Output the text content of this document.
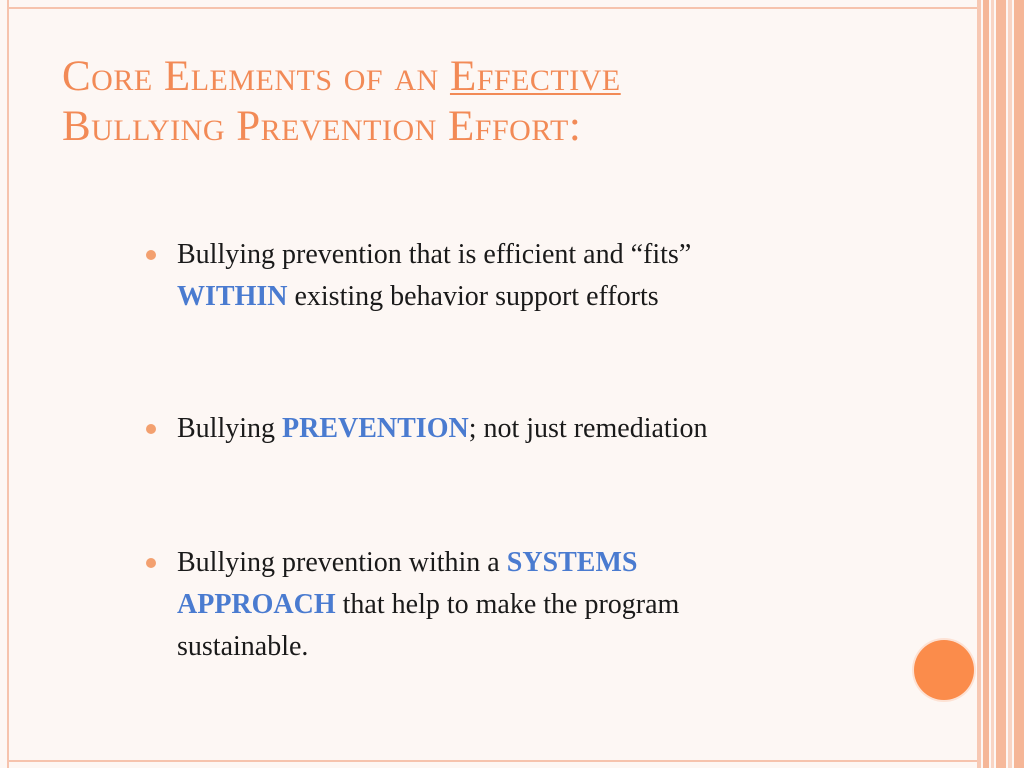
Core Elements of an Effective
Bullying Prevention Effort:
Bullying prevention that is efficient and “fits”
WITHIN existing behavior support efforts
Bullying PREVENTION; not just remediation
Bullying prevention within a SYSTEMS
APPROACH that help to make the program
sustainable.
